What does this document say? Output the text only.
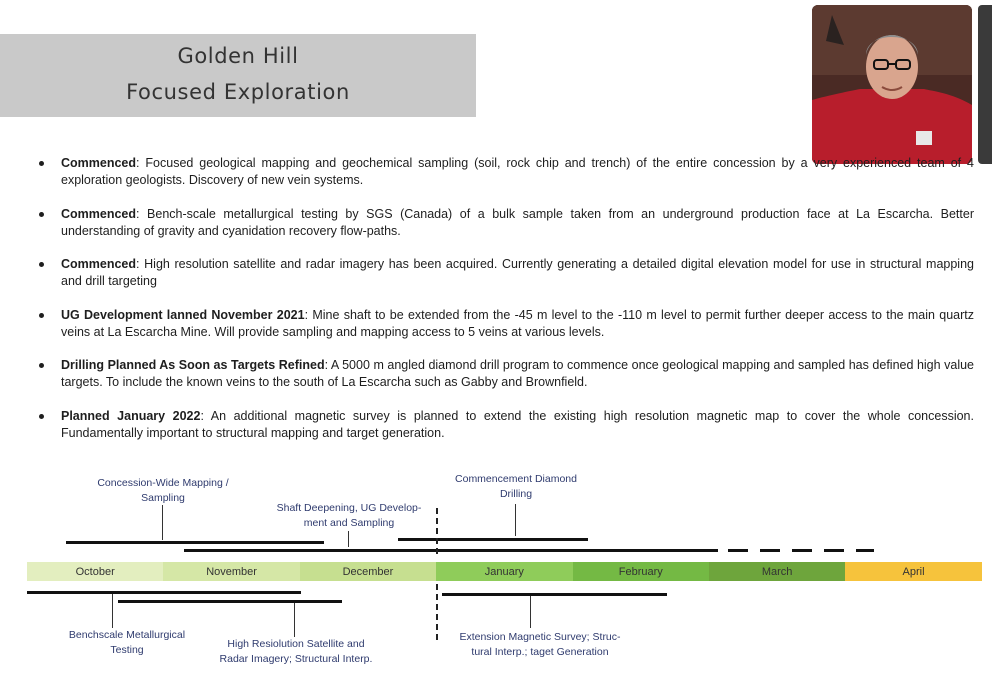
Golden Hill
Focused Exploration
Commenced: Focused geological mapping and geochemical sampling (soil, rock chip and trench) of the entire concession by a very experienced team of 4 exploration geologists. Discovery of new vein systems.
Commenced: Bench-scale metallurgical testing by SGS (Canada) of a bulk sample taken from an underground production face at La Escarcha. Better understanding of gravity and cyanidation recovery flow-paths.
Commenced: High resolution satellite and radar imagery has been acquired. Currently generating a detailed digital elevation model for use in structural mapping and drill targeting
UG Development lanned November 2021: Mine shaft to be extended from the -45 m level to the -110 m level to permit further deeper access to the main quartz veins at La Escarcha Mine. Will provide sampling and mapping access to 5 veins at various levels.
Drilling Planned As Soon as Targets Refined: A 5000 m angled diamond drill program to commence once geological mapping and sampled has defined high value targets. To include the known veins to the south of La Escarcha such as Gabby and Brownfield.
Planned January 2022: An additional magnetic survey is planned to extend the existing high resolution magnetic map to cover the whole concession. Fundamentally important to structural mapping and target generation.
Concession-Wide Mapping /
Sampling
Shaft Deepening, UG Develop-
ment and Sampling
Commencement Diamond
Drilling
October	November	December	January	February	March	April
Benchscale Metallurgical
Testing	High Resiolution Satellite and
Radar Imagery; Structural Interp.
Extension Magnetic Survey; Struc-
tural Interp.; taget Generation
